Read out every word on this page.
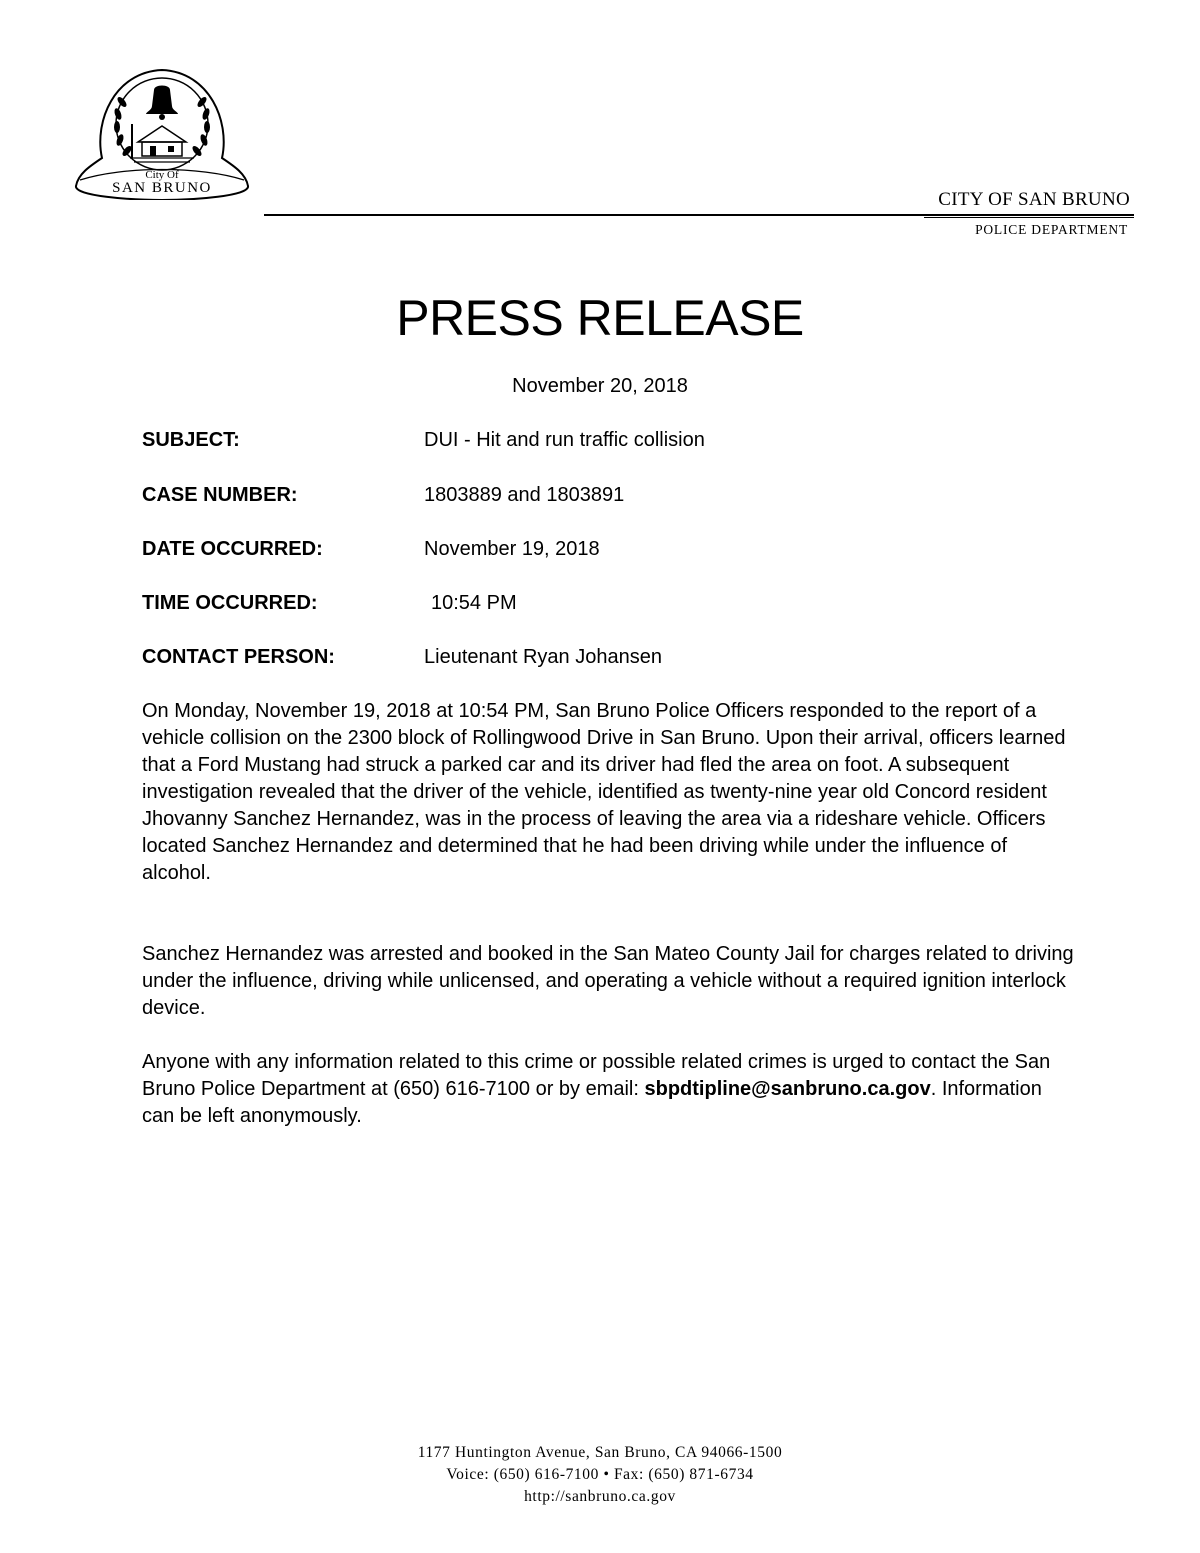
City Of
SAN BRUNO
CITY OF SAN BRUNO
POLICE DEPARTMENT
PRESS RELEASE
November 20, 2018
SUBJECT:	DUI - Hit and run traffic collision
CASE NUMBER:	1803889 and 1803891
DATE OCCURRED:	November 19, 2018
TIME OCCURRED:	10:54 PM
CONTACT PERSON:	Lieutenant Ryan Johansen

On Monday, November 19, 2018 at 10:54 PM, San Bruno Police Officers responded to the report of a vehicle collision on the 2300 block of Rollingwood Drive in San Bruno. Upon their arrival, officers learned that a Ford Mustang had struck a parked car and its driver had fled the area on foot. A subsequent investigation revealed that the driver of the vehicle, identified as twenty-nine year old Concord resident Jhovanny Sanchez Hernandez, was in the process of leaving the area via a rideshare vehicle. Officers located Sanchez Hernandez and determined that he had been driving while under the influence of alcohol.

Sanchez Hernandez was arrested and booked in the San Mateo County Jail for charges related to driving under the influence, driving while unlicensed, and operating a vehicle without a required ignition interlock device.

Anyone with any information related to this crime or possible related crimes is urged to contact the San Bruno Police Department at (650) 616-7100 or by email: sbpdtipline@sanbruno.ca.gov. Information can be left anonymously.

1177 Huntington Avenue, San Bruno, CA 94066-1500
Voice: (650) 616-7100 • Fax: (650) 871-6734
http://sanbruno.ca.gov
